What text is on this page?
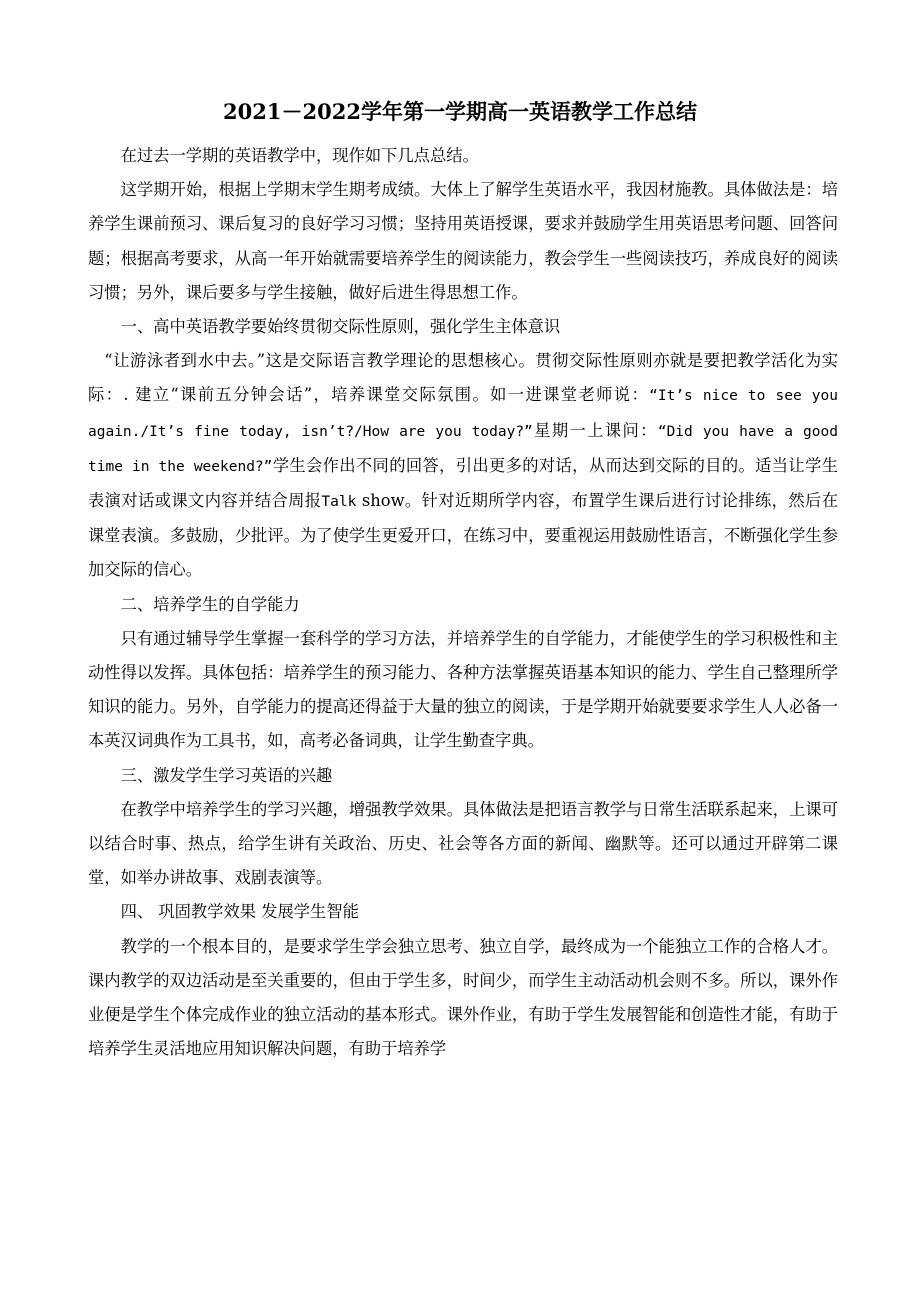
2021－2022学年第一学期高一英语教学工作总结

在过去一学期的英语教学中，现作如下几点总结。

这学期开始，根据上学期末学生期考成绩。大体上了解学生英语水平，我因材施教。具体做法是：培养学生课前预习、课后复习的良好学习习惯；坚持用英语授课，要求并鼓励学生用英语思考问题、回答问题；根据高考要求，从高一年开始就需要培养学生的阅读能力，教会学生一些阅读技巧，养成良好的阅读习惯；另外，课后要多与学生接触，做好后进生得思想工作。

一、高中英语教学要始终贯彻交际性原则，强化学生主体意识

“让游泳者到水中去。”这是交际语言教学理论的思想核心。贯彻交际性原则亦就是要把教学活化为实际：. 建立“课前五分钟会话”，培养课堂交际氛围。如一进课堂老师说：“It’s nice to see you again./It’s fine today, isn’t?/How are you today?”星期一上课问：“Did you have a good time in the weekend?”学生会作出不同的回答，引出更多的对话，从而达到交际的目的。适当让学生表演对话或课文内容并结合周报Talk show。针对近期所学内容，布置学生课后进行讨论排练，然后在课堂表演。多鼓励，少批评。为了使学生更爱开口，在练习中，要重视运用鼓励性语言，不断强化学生参加交际的信心。

二、培养学生的自学能力

只有通过辅导学生掌握一套科学的学习方法，并培养学生的自学能力，才能使学生的学习积极性和主动性得以发挥。具体包括：培养学生的预习能力、各种方法掌握英语基本知识的能力、学生自己整理所学知识的能力。另外，自学能力的提高还得益于大量的独立的阅读，于是学期开始就要要求学生人人必备一本英汉词典作为工具书，如，高考必备词典，让学生勤查字典。

三、激发学生学习英语的兴趣

在教学中培养学生的学习兴趣，增强教学效果。具体做法是把语言教学与日常生活联系起来，上课可以结合时事、热点，给学生讲有关政治、历史、社会等各方面的新闻、幽默等。还可以通过开辟第二课堂，如举办讲故事、戏剧表演等。

四、 巩固教学效果 发展学生智能

教学的一个根本目的，是要求学生学会独立思考、独立自学，最终成为一个能独立工作的合格人才。课内教学的双边活动是至关重要的，但由于学生多，时间少，而学生主动活动机会则不多。所以，课外作业便是学生个体完成作业的独立活动的基本形式。课外作业，有助于学生发展智能和创造性才能，有助于培养学生灵活地应用知识解决问题，有助于培养学
